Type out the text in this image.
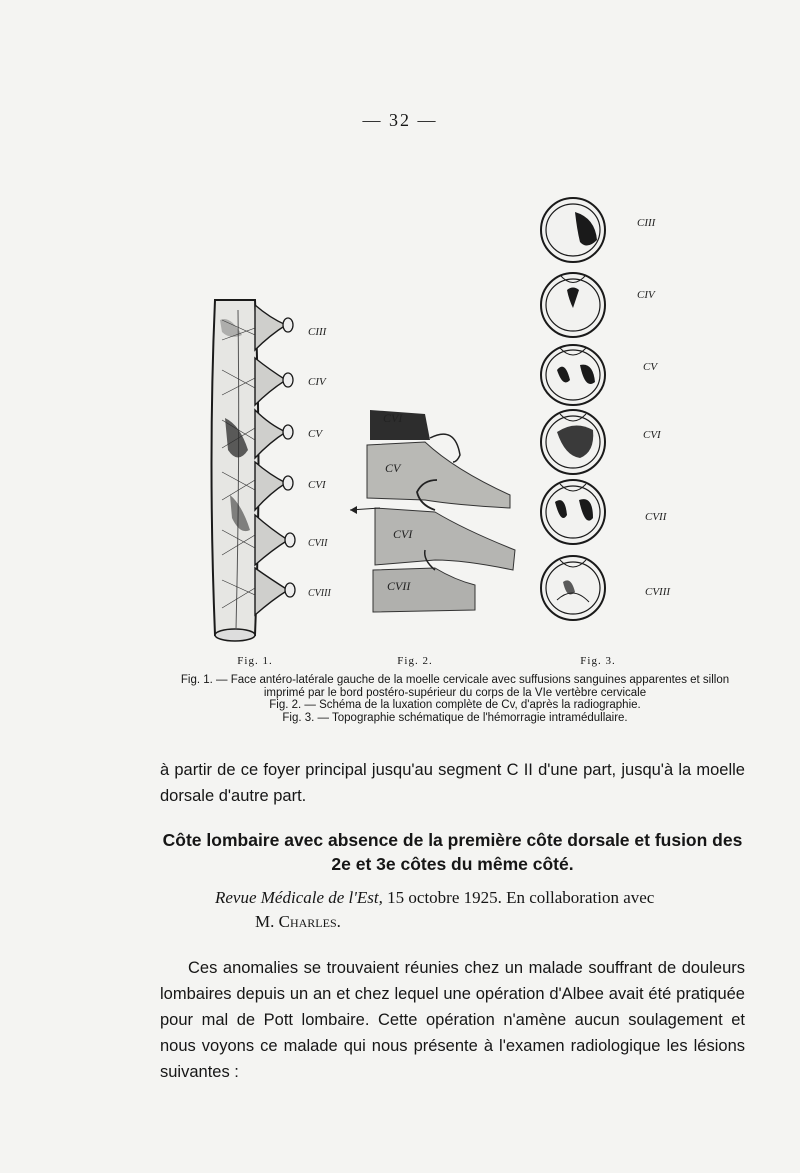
— 32 —
CIII
CIV
CV
CVI
CVII
CVIII
CVI
CV
CVI
CVII
CIII
CIV
CV
CVI
CVII
CVIII
Fig. 1.	Fig. 2.	Fig. 3.
Fig. 1. — Face antéro-latérale gauche de la moelle cervicale avec suffusions sanguines apparentes et sillon imprimé par le bord postéro-supérieur du corps de la VIe vertèbre cervicale
Fig. 2. — Schéma de la luxation complète de Cv, d'après la radiographie.
Fig. 3. — Topographie schématique de l'hémorragie intramédullaire.
à partir de ce foyer principal jusqu'au segment C II d'une part, jusqu'à la moelle dorsale d'autre part.
Côte lombaire avec absence de la première côte dorsale et fusion des 2e et 3e côtes du même côté.
Revue Médicale de l'Est, 15 octobre 1925. En collaboration avec
M. Charles.
Ces anomalies se trouvaient réunies chez un malade souffrant de douleurs lombaires depuis un an et chez lequel une opération d'Albee avait été pratiquée pour mal de Pott lombaire. Cette opération n'amène aucun soulagement et nous voyons ce malade qui nous présente à l'examen radiologique les lésions suivantes :
